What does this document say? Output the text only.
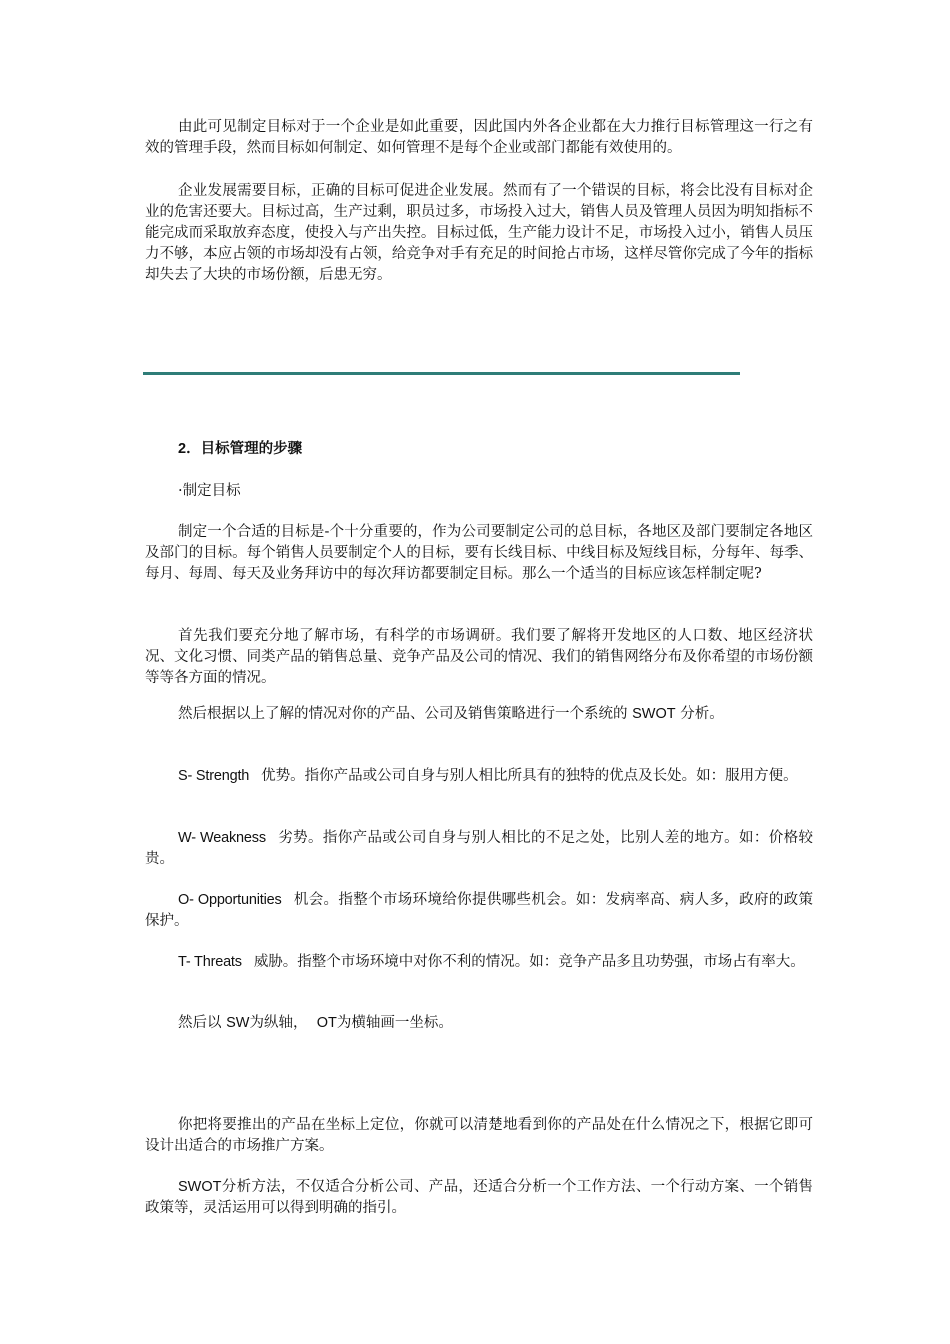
由此可见制定目标对于一个企业是如此重要，因此国内外各企业都在大力推行目标管理这一行之有效的管理手段，然而目标如何制定、如何管理不是每个企业或部门都能有效使用的。

企业发展需要目标，正确的目标可促进企业发展。然而有了一个错误的目标，将会比没有目标对企业的危害还要大。目标过高，生产过剩，职员过多，市场投入过大，销售人员及管理人员因为明知指标不能完成而采取放弃态度，使投入与产出失控。目标过低，生产能力设计不足，市场投入过小，销售人员压力不够，本应占领的市场却没有占领，给竞争对手有充足的时间抢占市场，这样尽管你完成了今年的指标却失去了大块的市场份额，后患无穷。

2．目标管理的步骤

·制定目标

制定一个合适的目标是-个十分重要的，作为公司要制定公司的总目标，各地区及部门要制定各地区及部门的目标。每个销售人员要制定个人的目标，要有长线目标、中线目标及短线目标，分每年、每季、每月、每周、每天及业务拜访中的每次拜访都要制定目标。那么一个适当的目标应该怎样制定呢?

首先我们要充分地了解市场，有科学的市场调研。我们要了解将开发地区的人口数、地区经济状况、文化习惯、同类产品的销售总量、竞争产品及公司的情况、我们的销售网络分布及你希望的市场份额等等各方面的情况。

然后根据以上了解的情况对你的产品、公司及销售策略进行一个系统的 SWOT 分析。

S- Strength 优势。指你产品或公司自身与别人相比所具有的独特的优点及长处。如：服用方便。

W- Weakness 劣势。指你产品或公司自身与别人相比的不足之处，比别人差的地方。如：价格较贵。

O- Opportunities 机会。指整个市场环境给你提供哪些机会。如：发病率高、病人多，政府的政策保护。

T- Threats 威胁。指整个市场环境中对你不利的情况。如：竞争产品多且功势强，市场占有率大。

然后以 SW为纵轴， OT为横轴画一坐标。

你把将要推出的产品在坐标上定位，你就可以清楚地看到你的产品处在什么情况之下，根据它即可设计出适合的市场推广方案。

SWOT分析方法，不仅适合分析公司、产品，还适合分析一个工作方法、一个行动方案、一个销售政策等，灵活运用可以得到明确的指引。
